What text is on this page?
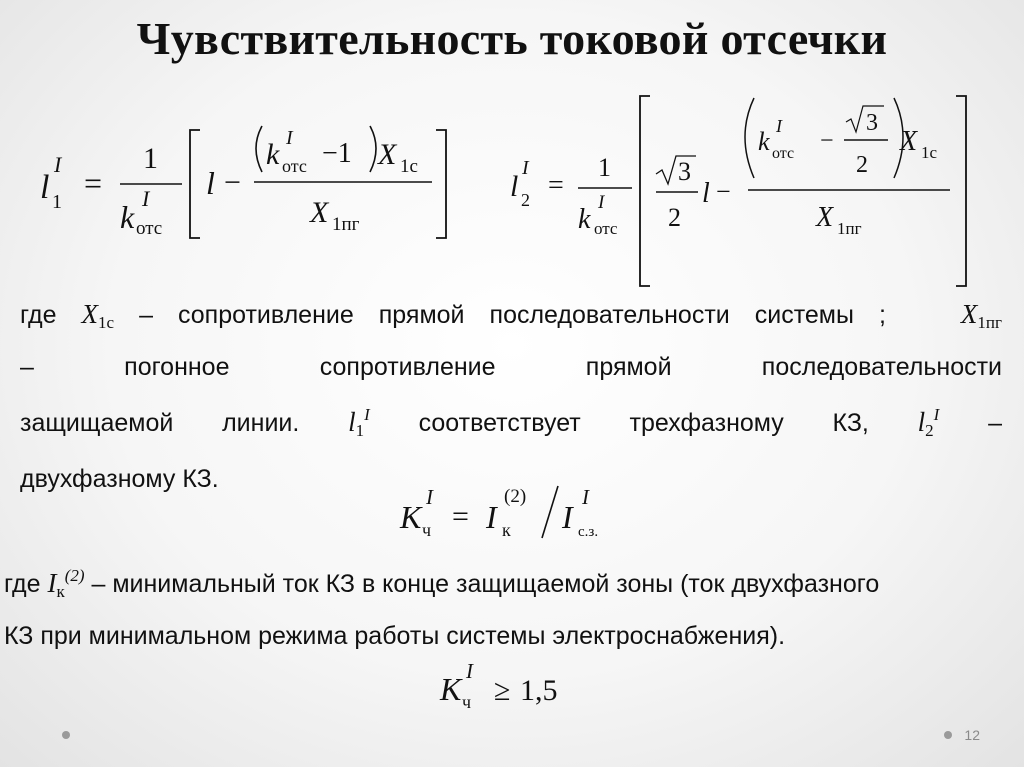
Чувствительность токовой отсечки
l
I
1
=
1
k
I
отс
l −
k I
отс −1 X 1с
X 1пг
l
I
2 =
1
k
I
отс
3
2
l −
k
I
отс −
3
2
X 1с
X 1пг
где $X_{1с}$ – сопротивление прямой последовательности системы ;	$X_{1пг}$
–	погонное	сопротивление	прямой	последовательности
защищаемой линии. $l_1^I$ соответствует трехфазному КЗ, $l_2^I$ –
двухфазному КЗ.
K
I
ч = I
(2)
к I
I
с.з.
где $I_к^{(2)}$ – минимальный ток КЗ в конце защищаемой зоны (ток двухфазного
КЗ при минимальном режима работы системы электроснабжения).
K I
ч ≥ 1,5
12
